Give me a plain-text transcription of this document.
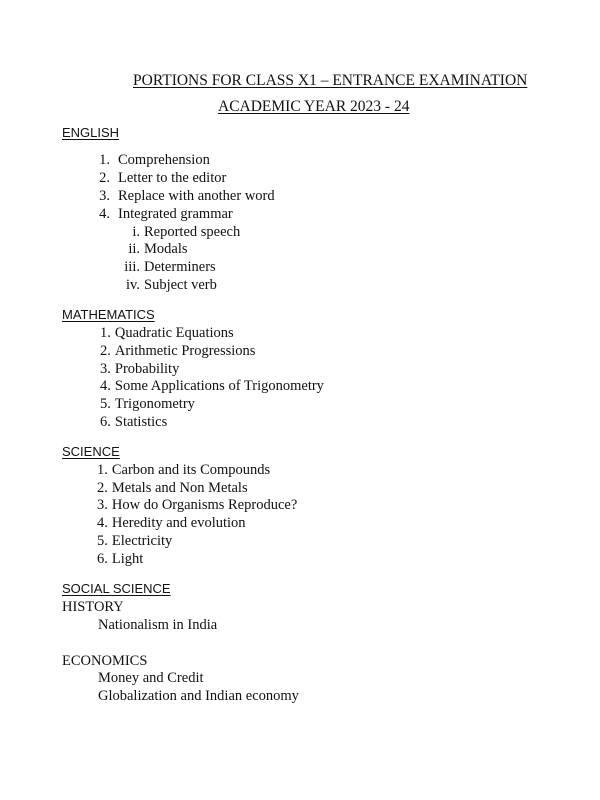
PORTIONS FOR CLASS X1 – ENTRANCE EXAMINATION
ACADEMIC YEAR 2023 - 24
ENGLISH
1. Comprehension
2. Letter to the editor
3. Replace with another word
4. Integrated grammar
i. Reported speech
ii. Modals
iii. Determiners
iv. Subject verb
MATHEMATICS
1. Quadratic Equations
2. Arithmetic Progressions
3. Probability
4. Some Applications of Trigonometry
5. Trigonometry
6. Statistics
SCIENCE
1. Carbon and its Compounds
2. Metals and Non Metals
3. How do Organisms Reproduce?
4. Heredity and evolution
5. Electricity
6. Light
SOCIAL SCIENCE
HISTORY
Nationalism in India
ECONOMICS
Money and Credit
Globalization and Indian economy
